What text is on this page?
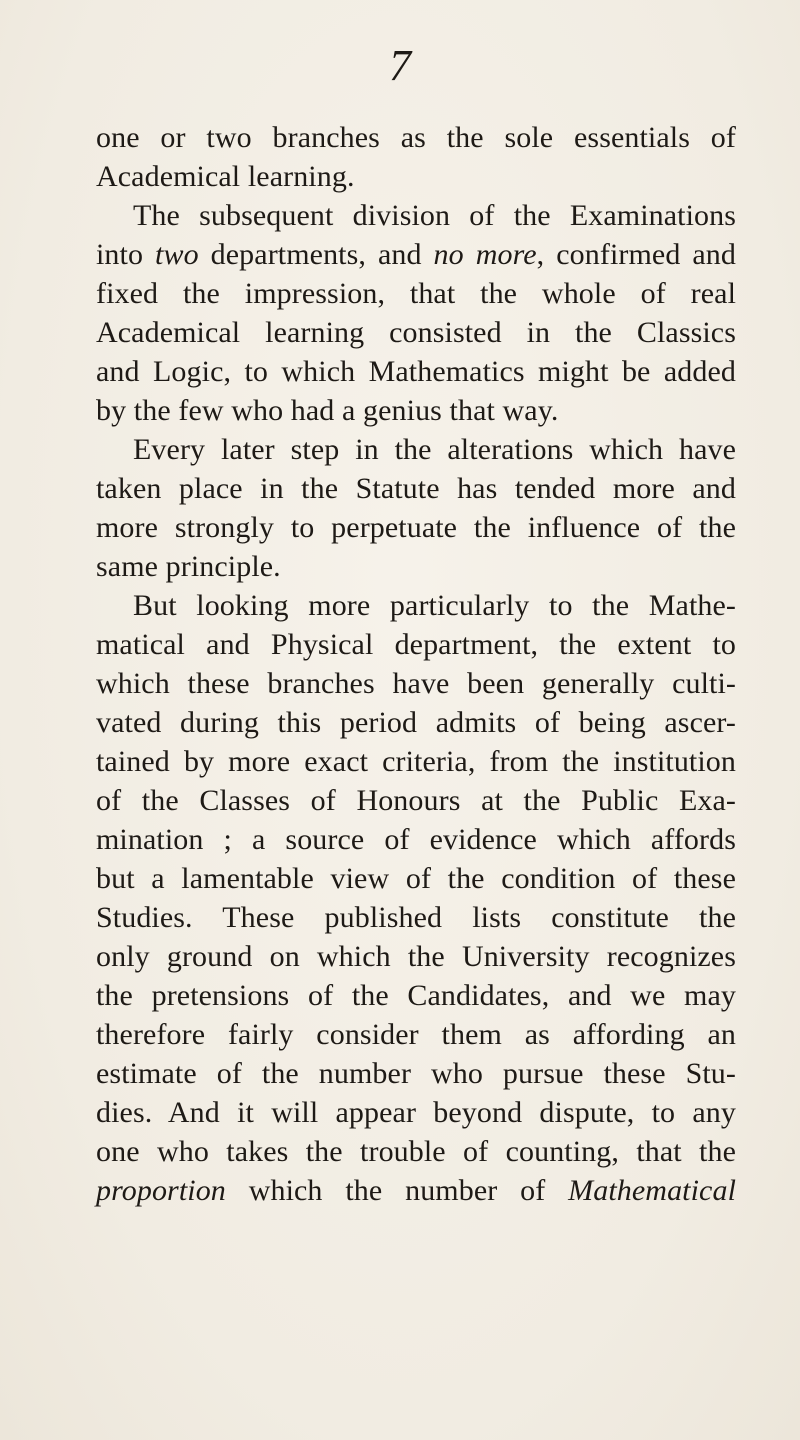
7
one or two branches as the sole essentials of
Academical learning.
The subsequent division of the Examinations
into two departments, and no more, confirmed and
fixed the impression, that the whole of real
Academical learning consisted in the Classics
and Logic, to which Mathematics might be added
by the few who had a genius that way.
Every later step in the alterations which have
taken place in the Statute has tended more and
more strongly to perpetuate the influence of the
same principle.
But looking more particularly to the Mathe-
matical and Physical department, the extent to
which these branches have been generally culti-
vated during this period admits of being ascer-
tained by more exact criteria, from the institution
of the Classes of Honours at the Public Exa-
mination ; a source of evidence which affords
but a lamentable view of the condition of these
Studies. These published lists constitute the
only ground on which the University recognizes
the pretensions of the Candidates, and we may
therefore fairly consider them as affording an
estimate of the number who pursue these Stu-
dies. And it will appear beyond dispute, to any
one who takes the trouble of counting, that the
proportion which the number of Mathematical
